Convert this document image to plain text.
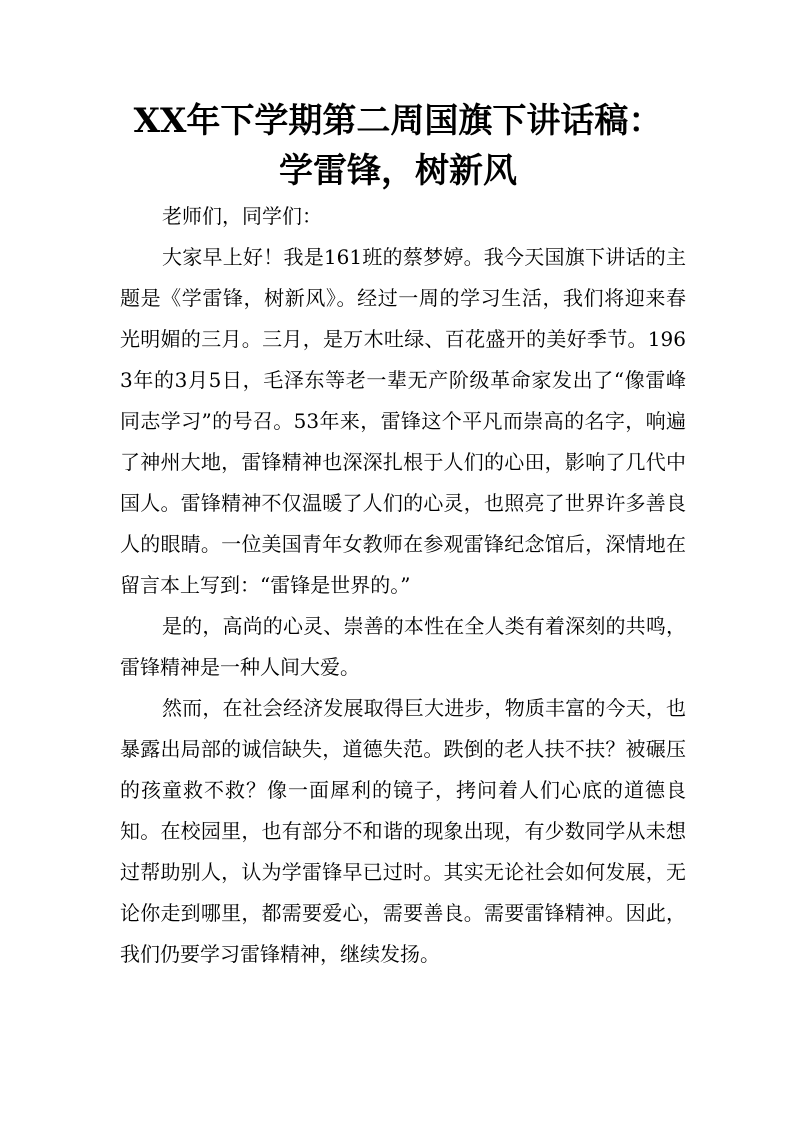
XX年下学期第二周国旗下讲话稿：学雷锋，树新风

老师们，同学们：

大家早上好！我是161班的蔡梦婷。我今天国旗下讲话的主题是《学雷锋，树新风》。经过一周的学习生活，我们将迎来春光明媚的三月。三月，是万木吐绿、百花盛开的美好季节。1963年的3月5日，毛泽东等老一辈无产阶级革命家发出了“像雷峰同志学习”的号召。53年来，雷锋这个平凡而崇高的名字，响遍了神州大地，雷锋精神也深深扎根于人们的心田，影响了几代中国人。雷锋精神不仅温暖了人们的心灵，也照亮了世界许多善良人的眼睛。一位美国青年女教师在参观雷锋纪念馆后，深情地在留言本上写到：“雷锋是世界的。”

是的，高尚的心灵、崇善的本性在全人类有着深刻的共鸣，雷锋精神是一种人间大爱。

然而，在社会经济发展取得巨大进步，物质丰富的今天，也暴露出局部的诚信缺失，道德失范。跌倒的老人扶不扶？被碾压的孩童救不救？像一面犀利的镜子，拷问着人们心底的道德良知。在校园里，也有部分不和谐的现象出现，有少数同学从未想过帮助别人，认为学雷锋早已过时。其实无论社会如何发展，无论你走到哪里，都需要爱心，需要善良。需要雷锋精神。因此，我们仍要学习雷锋精神，继续发扬。
